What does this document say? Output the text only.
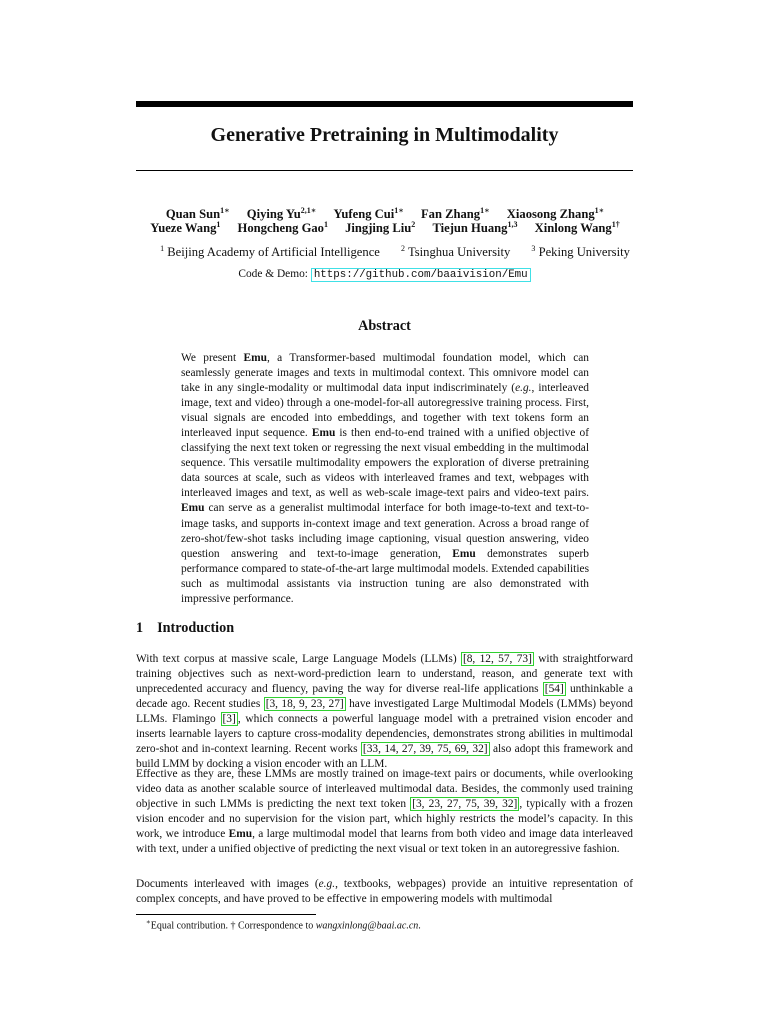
Generative Pretraining in Multimodality
Quan Sun$^{1∗}$ Qiying $Yu^{2,1∗}$ Yufeng Cui$^{1∗}$ Fan Zhang$^{1∗}$ Xiaosong Zhang$^{1∗}$
Yueze Wang$^1$ Hongcheng Gao$^1$ Jingjing Liu$^2$ Tiejun Huang$^{1,3}$ Xinlong Wang$^{1\dagger}$
$^1$ Beijing Academy of Artificial Intelligence	$^2$ Tsinghua University	$^3$ Peking University
Code & Demo: https://github.com/baaivision/Emu
Abstract
We present Emu, a Transformer-based multimodal foundation model, which can seamlessly generate images and texts in multimodal context. This omnivore model can take in any single-modality or multimodal data input indiscriminately (e.g., interleaved image, text and video) through a one-model-for-all autoregressive training process. First, visual signals are encoded into embeddings, and together with text tokens form an interleaved input sequence. Emu is then end-to-end trained with a unified objective of classifying the next text token or regressing the next visual embedding in the multimodal sequence. This versatile multimodality empowers the exploration of diverse pretraining data sources at scale, such as videos with interleaved frames and text, webpages with interleaved images and text, as well as web-scale image-text pairs and video-text pairs. Emu can serve as a generalist multimodal interface for both image-to-text and text-to-image tasks, and supports in-context image and text generation. Across a broad range of zero-shot/few-shot tasks including image captioning, visual question answering, video question answering and text-to-image generation, Emu demonstrates superb performance compared to state-of-the-art large multimodal models. Extended capabilities such as multimodal assistants via instruction tuning are also demonstrated with impressive performance.
1 Introduction
With text corpus at massive scale, Large Language Models (LLMs) [8, 12, 57, 73] with straightforward training objectives such as next-word-prediction learn to understand, reason, and generate text with unprecedented accuracy and fluency, paving the way for diverse real-life applications [54] unthinkable a decade ago. Recent studies [3, 18, 9, 23, 27] have investigated Large Multimodal Models (LMMs) beyond LLMs. Flamingo [3] , which connects a powerful language model with a pretrained vision encoder and inserts learnable layers to capture cross-modality dependencies, demonstrates strong abilities in multimodal zero-shot and in-context learning. Recent works [33, 14, 27, 39, 75, 69, 32] also adopt this framework and build LMM by docking a vision encoder with an LLM.
Effective as they are, these LMMs are mostly trained on image-text pairs or documents, while overlooking video data as another scalable source of interleaved multimodal data. Besides, the commonly used training objective in such LMMs is predicting the next text token [3, 23, 27, 75, 39, 32] , typically with a frozen vision encoder and no supervision for the vision part, which highly restricts the model’s capacity. In this work, we introduce Emu, a large multimodal model that learns from both video and image data interleaved with text, under a unified objective of predicting the next visual or text token in an autoregressive fashion.
Documents interleaved with images (e.g., textbooks, webpages) provide an intuitive representation of complex concepts, and have proved to be effective in empowering models with multimodal
∗Equal contribution. † Correspondence to wangxinlong@baai.ac.cn.
